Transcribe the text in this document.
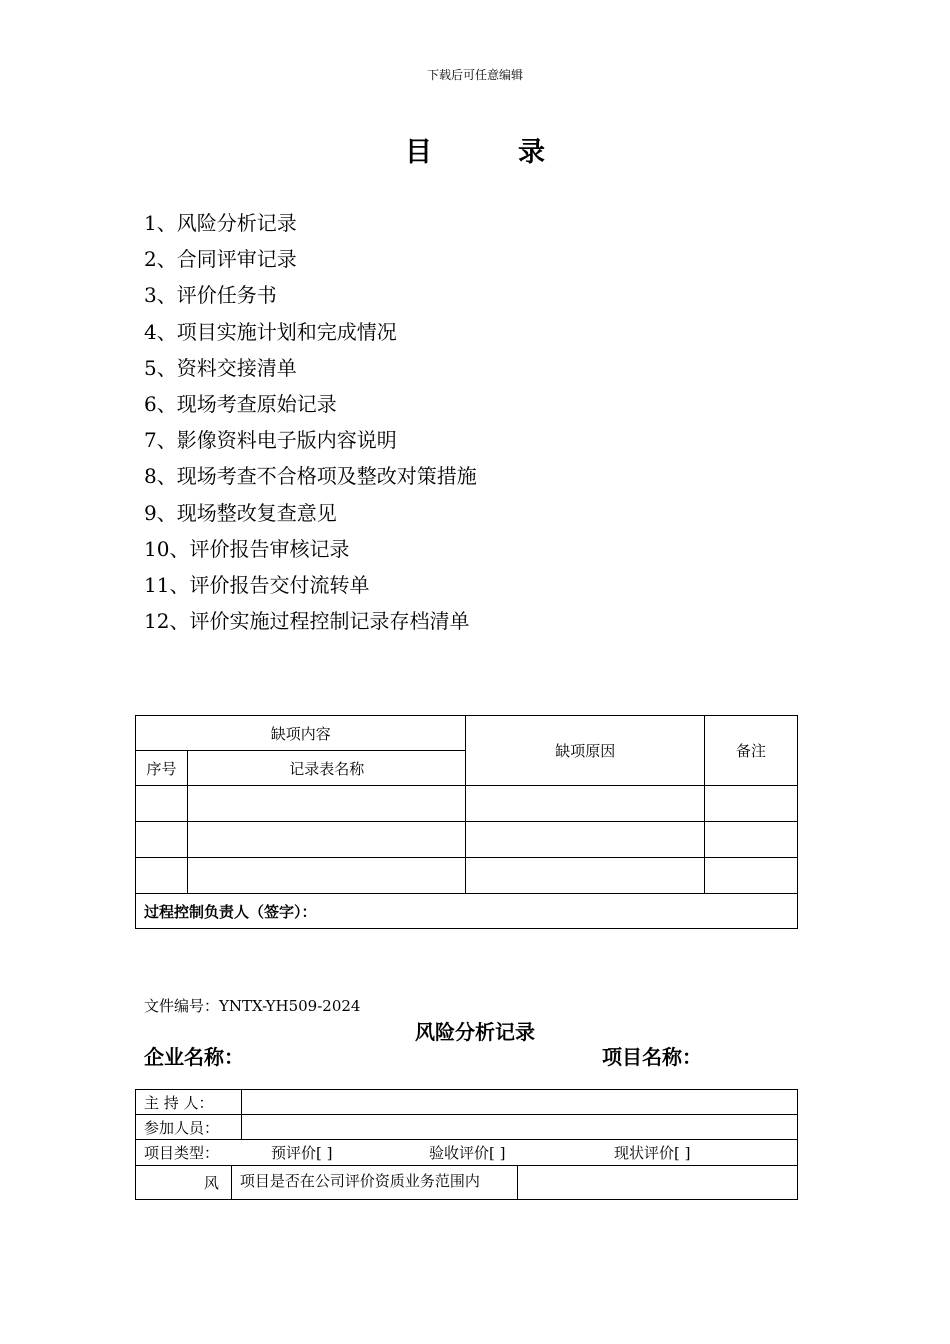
下载后可任意编辑
目	录
1、风险分析记录
2、合同评审记录
3、评价任务书
4、项目实施计划和完成情况
5、资料交接清单
6、现场考查原始记录
7、影像资料电子版内容说明
8、现场考查不合格项及整改对策措施
9、现场整改复查意见
10、评价报告审核记录
11、评价报告交付流转单
12、评价实施过程控制记录存档清单
缺项内容		缺项原因	备注
序号	记录表名称		

过程控制负责人（签字）：			
文件编号：YNTX-YH509-2024
风险分析记录
企业名称：	项目名称：
主 持 人：			
参加人员：			
项目类型： 预评价[ ] 验收评价[ ] 现状评价[ ]			
风	项目是否在公司评价资质业务范围内		
